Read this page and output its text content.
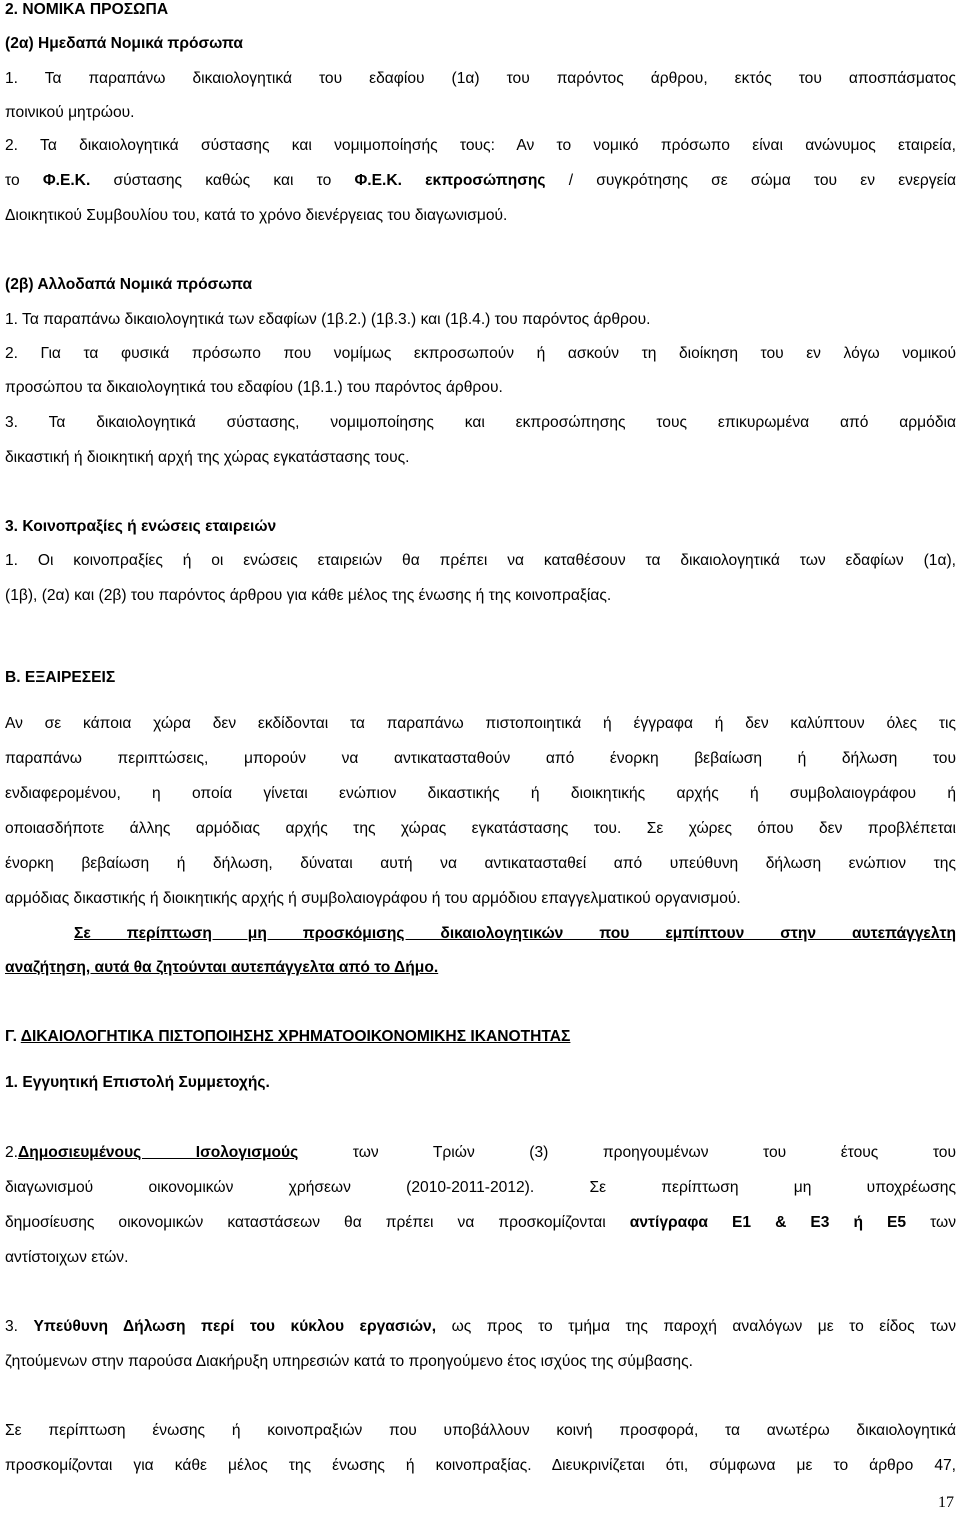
2. ΝΟΜΙΚΑ ΠΡΟΣΩΠΑ
(2α) Ημεδαπά Νομικά πρόσωπα
1. Τα παραπάνω δικαιολογητικά του εδαφίου (1α) του παρόντος άρθρου, εκτός του αποσπάσματος
ποινικού μητρώου.
2. Τα δικαιολογητικά σύστασης και νομιμοποίησής τους: Αν το νομικό πρόσωπο είναι ανώνυμος εταιρεία,
το Φ.Ε.Κ. σύστασης καθώς και το Φ.Ε.Κ. εκπροσώπησης / συγκρότησης σε σώμα του εν ενεργεία
Διοικητικού Συμβουλίου του, κατά το χρόνο διενέργειας του διαγωνισμού.
(2β) Αλλοδαπά Νομικά πρόσωπα
1. Τα παραπάνω δικαιολογητικά των εδαφίων (1β.2.) (1β.3.) και (1β.4.) του παρόντος άρθρου.
2. Για τα φυσικά πρόσωπο που νομίμως εκπροσωπούν ή ασκούν τη διοίκηση του εν λόγω νομικού
προσώπου τα δικαιολογητικά του εδαφίου (1β.1.) του παρόντος άρθρου.
3. Τα δικαιολογητικά σύστασης, νομιμοποίησης και εκπροσώπησης τους επικυρωμένα από αρμόδια
δικαστική ή διοικητική αρχή της χώρας εγκατάστασης τους.
3. Κοινοπραξίες ή ενώσεις εταιρειών
1. Οι κοινοπραξίες ή οι ενώσεις εταιρειών θα πρέπει να καταθέσουν τα δικαιολογητικά των εδαφίων (1α),
(1β), (2α) και (2β) του παρόντος άρθρου για κάθε μέλος της ένωσης ή της κοινοπραξίας.
Β. ΕΞΑΙΡΕΣΕΙΣ
Αν σε κάποια χώρα δεν εκδίδονται τα παραπάνω πιστοποιητικά ή έγγραφα ή δεν καλύπτουν όλες τις
παραπάνω περιπτώσεις, μπορούν να αντικατασταθούν από ένορκη βεβαίωση ή δήλωση του
ενδιαφερομένου, η οποία γίνεται ενώπιον δικαστικής ή διοικητικής αρχής ή συμβολαιογράφου ή
οποιασδήποτε άλλης αρμόδιας αρχής της χώρας εγκατάστασης του. Σε χώρες όπου δεν προβλέπεται
ένορκη βεβαίωση ή δήλωση, δύναται αυτή να αντικατασταθεί από υπεύθυνη δήλωση ενώπιον της
αρμόδιας δικαστικής ή διοικητικής αρχής ή συμβολαιογράφου ή του αρμόδιου επαγγελματικού οργανισμού.
Σε περίπτωση μη προσκόμισης δικαιολογητικών που εμπίπτουν στην αυτεπάγγελτη
αναζήτηση, αυτά θα ζητούνται αυτεπάγγελτα από το Δήμο.
Γ. ΔΙΚΑΙΟΛΟΓΗΤΙΚΑ ΠΙΣΤΟΠΟΙΗΣΗΣ ΧΡΗΜΑΤΟΟΙΚΟΝΟΜΙΚΗΣ ΙΚΑΝΟΤΗΤΑΣ
1. Εγγυητική Επιστολή Συμμετοχής.
2.Δημοσιευμένους Ισολογισμούς των Τριών (3) προηγουμένων του έτους του
διαγωνισμού οικονομικών χρήσεων (2010-2011-2012). Σε περίπτωση μη υποχρέωσης
δημοσίευσης οικονομικών καταστάσεων θα πρέπει να προσκομίζονται αντίγραφα Ε1 & Ε3 ή Ε5 των
αντίστοιχων ετών.
3. Υπεύθυνη Δήλωση περί του κύκλου εργασιών, ως προς το τμήμα της παροχή αναλόγων με το είδος των
ζητούμενων στην παρούσα Διακήρυξη υπηρεσιών κατά το προηγούμενο έτος ισχύος της σύμβασης.
Σε περίπτωση ένωσης ή κοινοπραξιών που υποβάλλουν κοινή προσφορά, τα ανωτέρω δικαιολογητικά
προσκομίζονται για κάθε μέλος της ένωσης ή κοινοπραξίας. Διευκρινίζεται ότι, σύμφωνα με το άρθρο 47,
17
